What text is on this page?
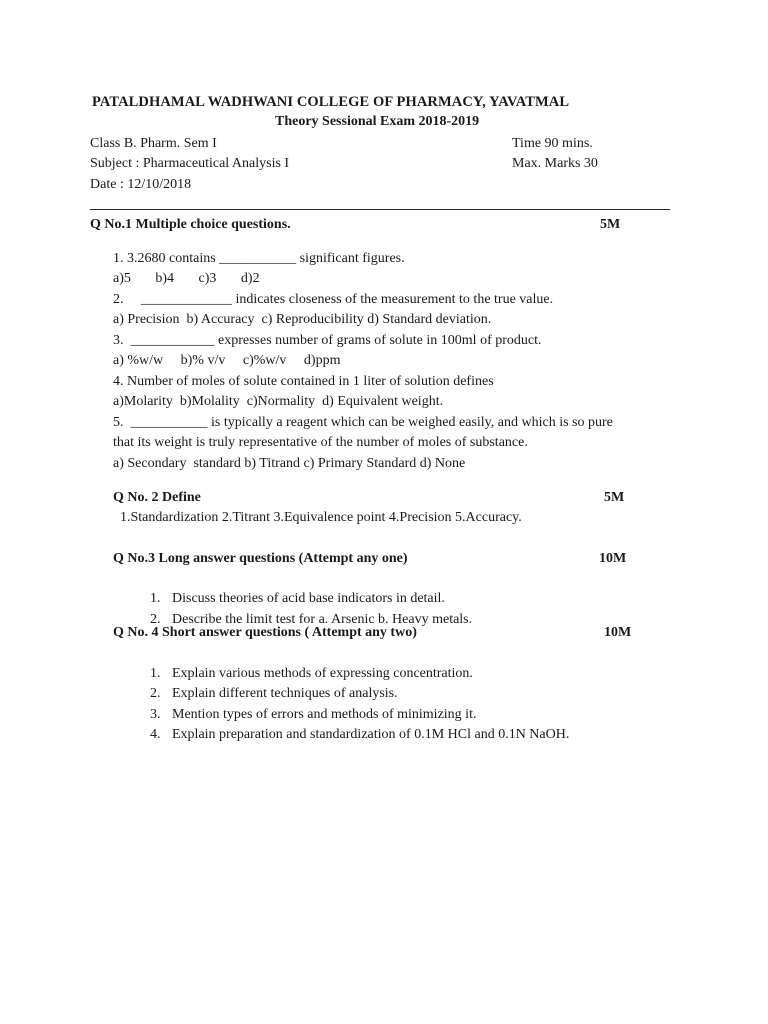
PATALDHAMAL WADHWANI COLLEGE OF PHARMACY, YAVATMAL
Theory Sessional Exam 2018-2019
Class B. Pharm. Sem I	Time 90 mins.
Subject : Pharmaceutical Analysis I	Max. Marks 30
Date : 12/10/2018
Q No.1 Multiple choice questions.	5M
1. 3.2680 contains ___________ significant figures.
a)5       b)4       c)3       d)2
2.     _____________ indicates closeness of the measurement to the true value.
a) Precision  b) Accuracy  c) Reproducibility d) Standard deviation.
3.  ____________ expresses number of grams of solute in 100ml of product.
a) %w/w     b)% v/v     c)%w/v     d)ppm
4. Number of moles of solute contained in 1 liter of solution defines
a)Molarity  b)Molality  c)Normality  d) Equivalent weight.
5.  ___________ is typically a reagent which can be weighed easily, and which is so pure
that its weight is truly representative of the number of moles of substance.
a) Secondary  standard b) Titrand c) Primary Standard d) None
Q No. 2 Define	5M
1.Standardization 2.Titrant 3.Equivalence point 4.Precision 5.Accuracy.
Q No.3 Long answer questions (Attempt any one)	10M

1. Discuss theories of acid base indicators in detail.

2. Describe the limit test for a. Arsenic b. Heavy metals.

Q No. 4 Short answer questions ( Attempt any two)	10M

1. Explain various methods of expressing concentration.

2. Explain different techniques of analysis.

3. Mention types of errors and methods of minimizing it.

4. Explain preparation and standardization of 0.1M HCl and 0.1N NaOH.
